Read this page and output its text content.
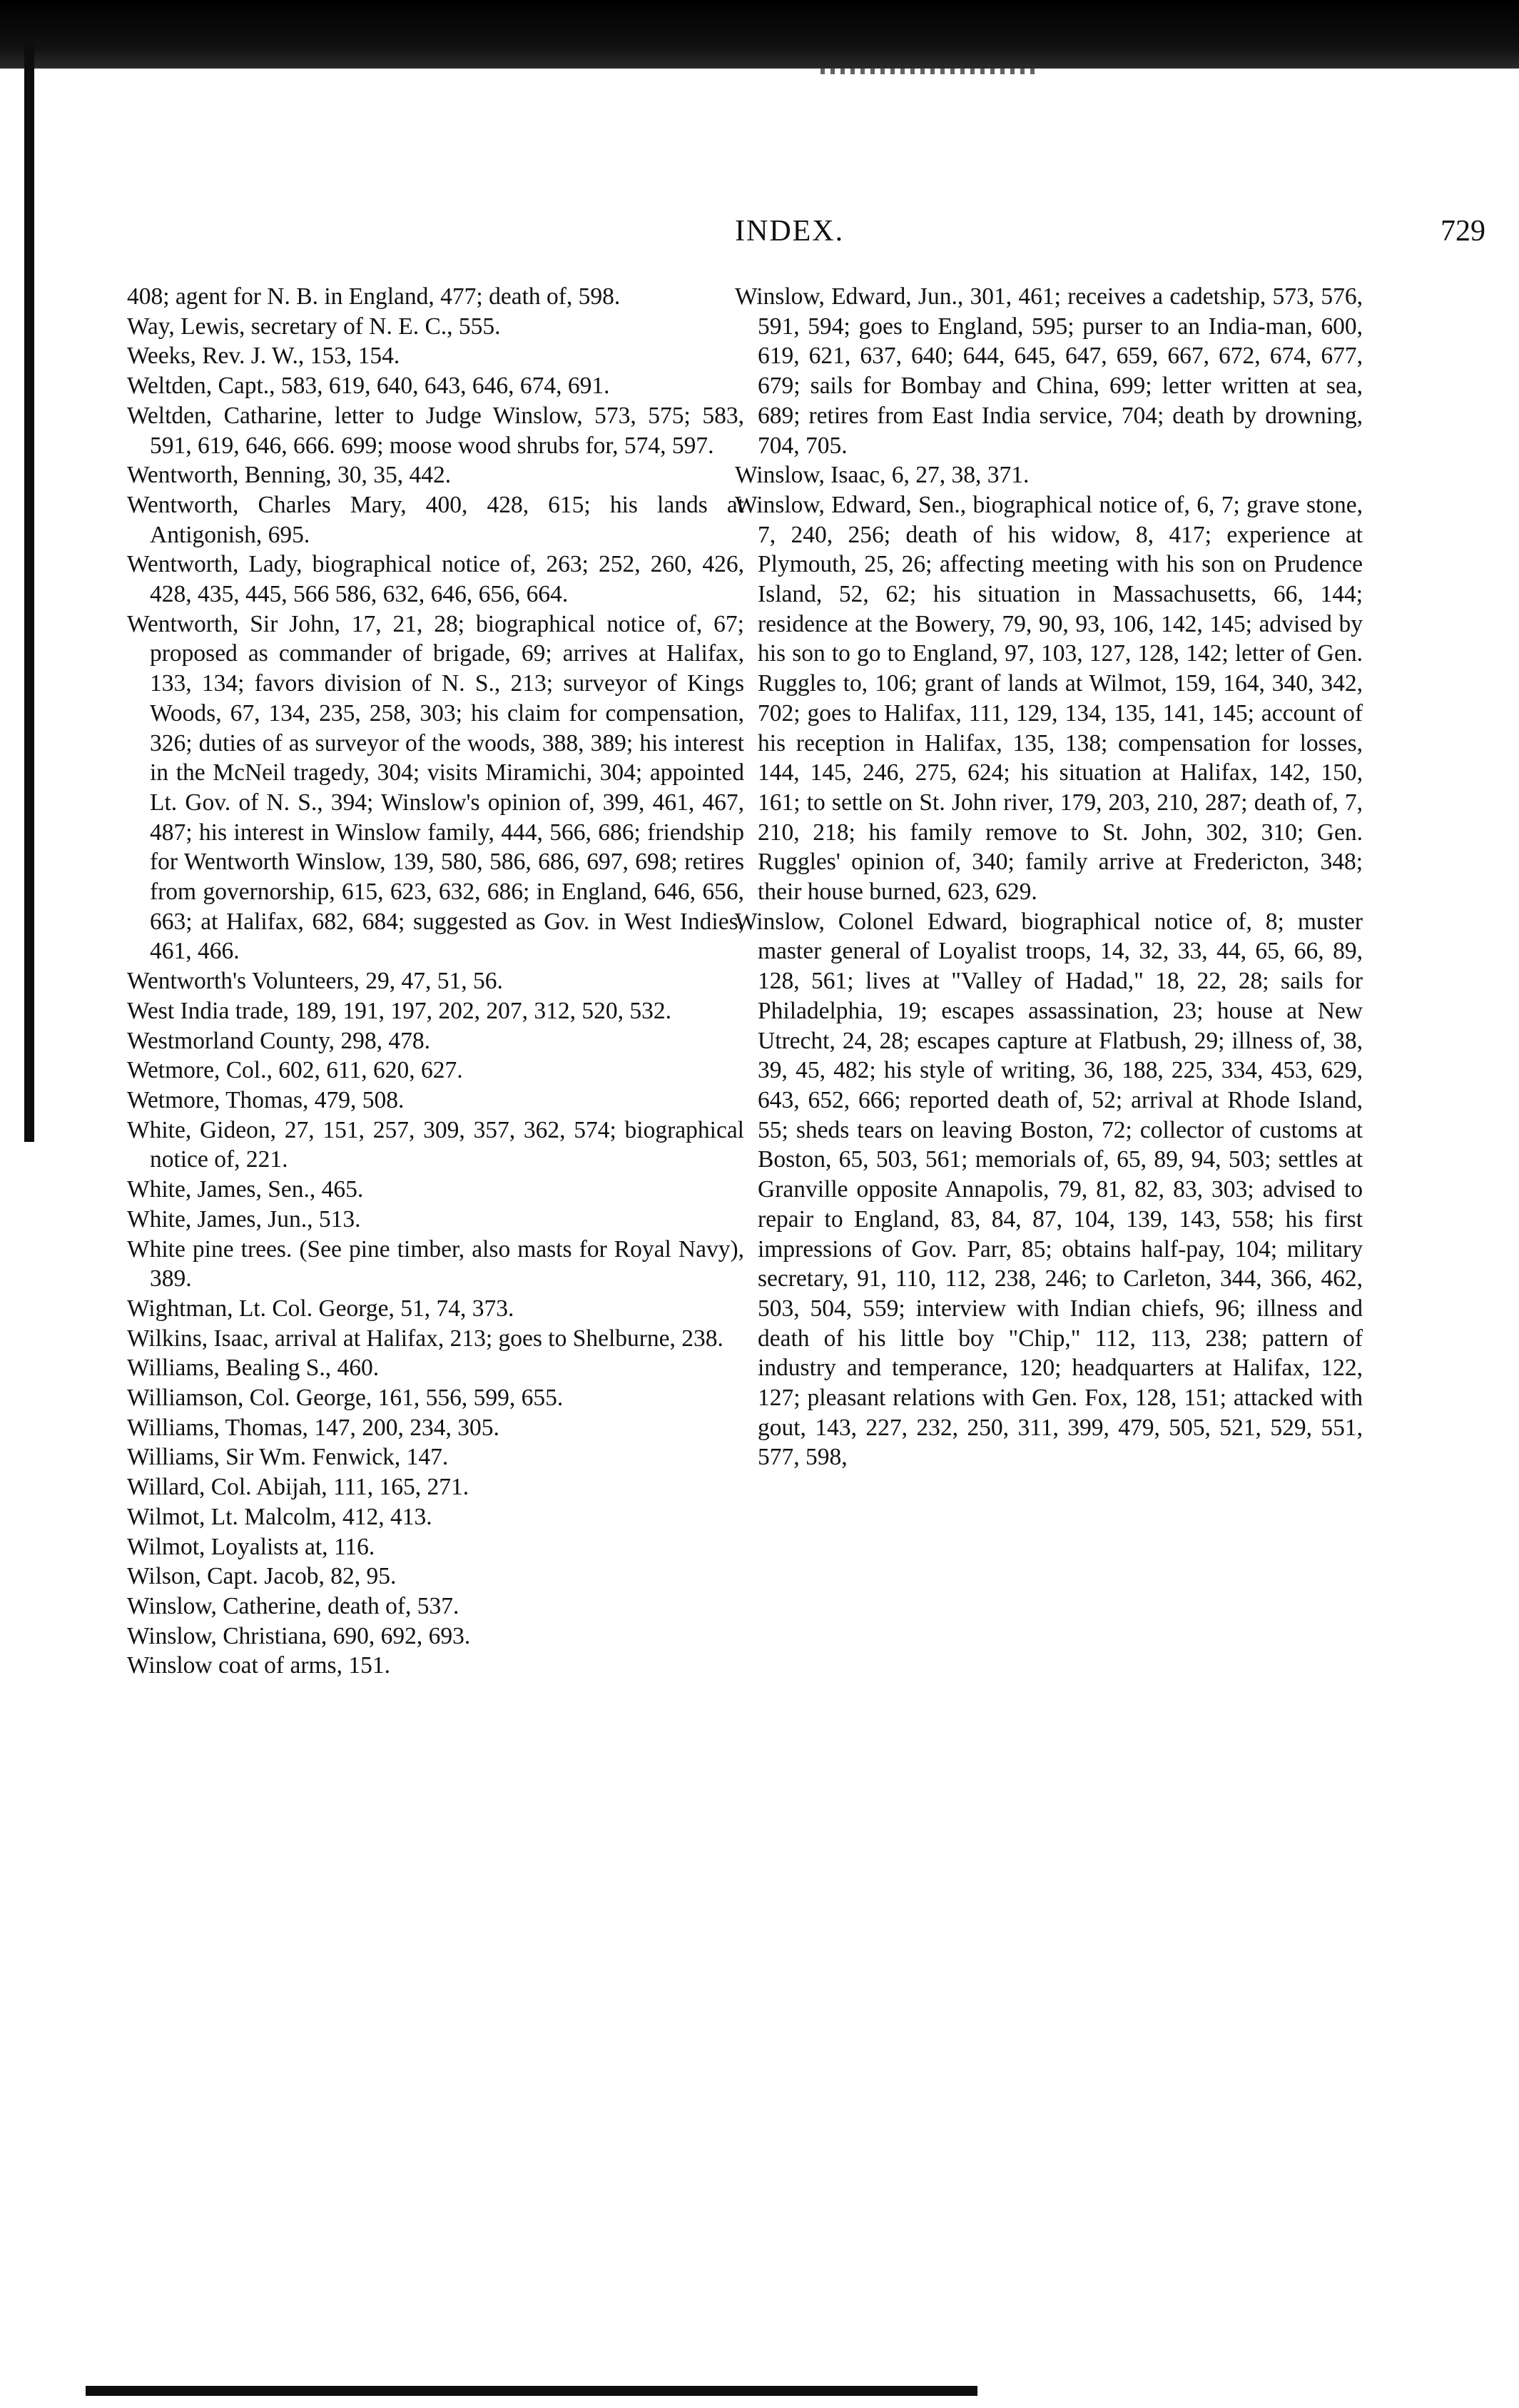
INDEX.	729
408; agent for N. B. in England, 477; death of, 598.
Way, Lewis, secretary of N. E. C., 555.
Weeks, Rev. J. W., 153, 154.
Weltden, Capt., 583, 619, 640, 643, 646, 674, 691.
Weltden, Catharine, letter to Judge Winslow, 573, 575; 583, 591, 619, 646, 666. 699; moose wood shrubs for, 574, 597.
Wentworth, Benning, 30, 35, 442.
Wentworth, Charles Mary, 400, 428, 615; his lands at Antigonish, 695.
Wentworth, Lady, biographical notice of, 263; 252, 260, 426, 428, 435, 445, 566 586, 632, 646, 656, 664.
Wentworth, Sir John, 17, 21, 28; biographical notice of, 67; proposed as commander of brigade, 69; arrives at Halifax, 133, 134; favors division of N. S., 213; surveyor of Kings Woods, 67, 134, 235, 258, 303; his claim for compensation, 326; duties of as surveyor of the woods, 388, 389; his interest in the McNeil tragedy, 304; visits Miramichi, 304; appointed Lt. Gov. of N. S., 394; Winslow's opinion of, 399, 461, 467, 487; his interest in Winslow family, 444, 566, 686; friendship for Wentworth Winslow, 139, 580, 586, 686, 697, 698; retires from governorship, 615, 623, 632, 686; in England, 646, 656, 663; at Halifax, 682, 684; suggested as Gov. in West Indies, 461, 466.
Wentworth's Volunteers, 29, 47, 51, 56.
West India trade, 189, 191, 197, 202, 207, 312, 520, 532.
Westmorland County, 298, 478.
Wetmore, Col., 602, 611, 620, 627.
Wetmore, Thomas, 479, 508.
White, Gideon, 27, 151, 257, 309, 357, 362, 574; biographical notice of, 221.
White, James, Sen., 465.
White, James, Jun., 513.
White pine trees. (See pine timber, also masts for Royal Navy), 389.
Wightman, Lt. Col. George, 51, 74, 373.
Wilkins, Isaac, arrival at Halifax, 213; goes to Shelburne, 238.
Williams, Bealing S., 460.
Williamson, Col. George, 161, 556, 599, 655.
Williams, Thomas, 147, 200, 234, 305.
Williams, Sir Wm. Fenwick, 147.
Willard, Col. Abijah, 111, 165, 271.
Wilmot, Lt. Malcolm, 412, 413.
Wilmot, Loyalists at, 116.
Wilson, Capt. Jacob, 82, 95.
Winslow, Catherine, death of, 537.
Winslow, Christiana, 690, 692, 693.
Winslow coat of arms, 151.
Winslow, Edward, Jun., 301, 461; receives a cadetship, 573, 576, 591, 594; goes to England, 595; purser to an India-man, 600, 619, 621, 637, 640; 644, 645, 647, 659, 667, 672, 674, 677, 679; sails for Bombay and China, 699; letter written at sea, 689; retires from East India service, 704; death by drowning, 704, 705.
Winslow, Isaac, 6, 27, 38, 371.
Winslow, Edward, Sen., biographical notice of, 6, 7; grave stone, 7, 240, 256; death of his widow, 8, 417; experience at Plymouth, 25, 26; affecting meeting with his son on Prudence Island, 52, 62; his situation in Massachusetts, 66, 144; residence at the Bowery, 79, 90, 93, 106, 142, 145; advised by his son to go to England, 97, 103, 127, 128, 142; letter of Gen. Ruggles to, 106; grant of lands at Wilmot, 159, 164, 340, 342, 702; goes to Halifax, 111, 129, 134, 135, 141, 145; account of his reception in Halifax, 135, 138; compensation for losses, 144, 145, 246, 275, 624; his situation at Halifax, 142, 150, 161; to settle on St. John river, 179, 203, 210, 287; death of, 7, 210, 218; his family remove to St. John, 302, 310; Gen. Ruggles' opinion of, 340; family arrive at Fredericton, 348; their house burned, 623, 629.
Winslow, Colonel Edward, biographical notice of, 8; muster master general of Loyalist troops, 14, 32, 33, 44, 65, 66, 89, 128, 561; lives at "Valley of Hadad," 18, 22, 28; sails for Philadelphia, 19; escapes assassination, 23; house at New Utrecht, 24, 28; escapes capture at Flatbush, 29; illness of, 38, 39, 45, 482; his style of writing, 36, 188, 225, 334, 453, 629, 643, 652, 666; reported death of, 52; arrival at Rhode Island, 55; sheds tears on leaving Boston, 72; collector of customs at Boston, 65, 503, 561; memorials of, 65, 89, 94, 503; settles at Granville opposite Annapolis, 79, 81, 82, 83, 303; advised to repair to England, 83, 84, 87, 104, 139, 143, 558; his first impressions of Gov. Parr, 85; obtains half-pay, 104; military secretary, 91, 110, 112, 238, 246; to Carleton, 344, 366, 462, 503, 504, 559; interview with Indian chiefs, 96; illness and death of his little boy "Chip," 112, 113, 238; pattern of industry and temperance, 120; headquarters at Halifax, 122, 127; pleasant relations with Gen. Fox, 128, 151; attacked with gout, 143, 227, 232, 250, 311, 399, 479, 505, 521, 529, 551, 577, 598,
